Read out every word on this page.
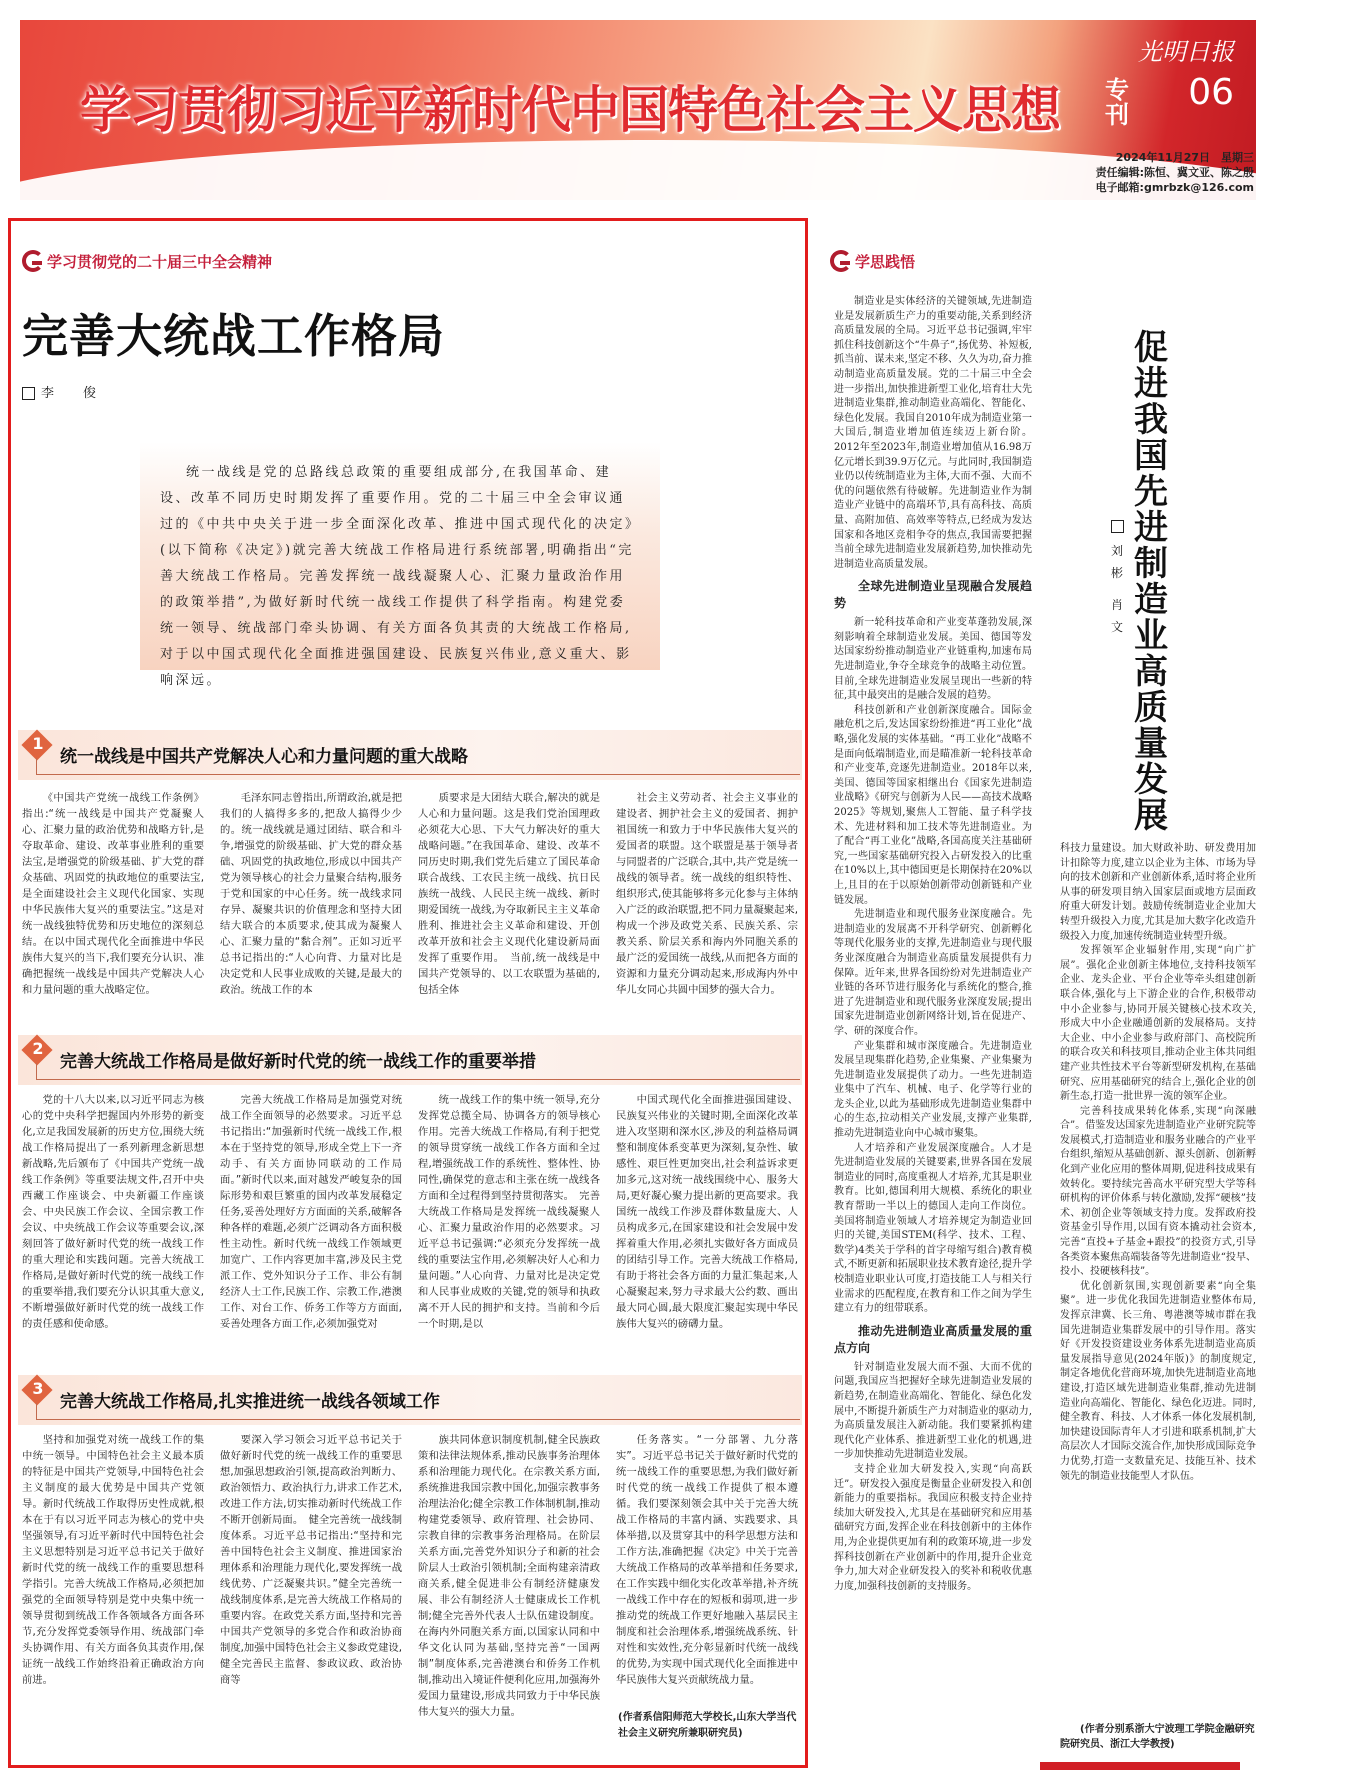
学习贯彻习近平新时代中国特色社会主义思想 专刊
光明日报
06
2024年11月27日　星期三
责任编辑:陈恒、冀文亚、陈之殷
电子邮箱:gmrbzk@126.com
学习贯彻党的二十届三中全会精神
完善大统战工作格局
李　俊
统一战线是党的总路线总政策的重要组成部分,在我国革命、建设、改革不同历史时期发挥了重要作用。党的二十届三中全会审议通过的《中共中央关于进一步全面深化改革、推进中国式现代化的决定》(以下简称《决定》)就完善大统战工作格局进行系统部署,明确指出“完善大统战工作格局。完善发挥统一战线凝聚人心、汇聚力量政治作用的政策举措”,为做好新时代统一战线工作提供了科学指南。构建党委统一领导、统战部门牵头协调、有关方面各负其责的大统战工作格局,对于以中国式现代化全面推进强国建设、民族复兴伟业,意义重大、影响深远。
1
统一战线是中国共产党解决人心和力量问题的重大战略

《中国共产党统一战线工作条例》指出:“统一战线是中国共产党凝聚人心、汇聚力量的政治优势和战略方针,是夺取革命、建设、改革事业胜利的重要法宝,是增强党的阶级基础、扩大党的群众基础、巩固党的执政地位的重要法宝,是全面建设社会主义现代化国家、实现中华民族伟大复兴的重要法宝。”这是对统一战线独特优势和历史地位的深刻总结。在以中国式现代化全面推进中华民族伟大复兴的当下,我们要充分认识、准确把握统一战线是中国共产党解决人心和力量问题的重大战略定位。

毛泽东同志曾指出,所谓政治,就是把我们的人搞得多多的,把敌人搞得少少的。统一战线就是通过团结、联合和斗争,增强党的阶级基础、扩大党的群众基础、巩固党的执政地位,形成以中国共产党为领导核心的社会力量聚合结构,服务于党和国家的中心任务。统一战线求同存异、凝聚共识的价值理念和坚持大团结大联合的本质要求,使其成为凝聚人心、汇聚力量的“黏合剂”。正如习近平总书记指出的:“人心向背、力量对比是决定党和人民事业成败的关键,是最大的政治。统战工作的本

质要求是大团结大联合,解决的就是人心和力量问题。这是我们党治国理政必须花大心思、下大气力解决好的重大战略问题。”在我国革命、建设、改革不同历史时期,我们党先后建立了国民革命联合战线、工农民主统一战线、抗日民族统一战线、人民民主统一战线、新时期爱国统一战线,为夺取新民主主义革命胜利、推进社会主义革命和建设、开创改革开放和社会主义现代化建设新局面发挥了重要作用。　当前,统一战线是中国共产党领导的、以工农联盟为基础的,包括全体

社会主义劳动者、社会主义事业的建设者、拥护社会主义的爱国者、拥护祖国统一和致力于中华民族伟大复兴的爱国者的联盟。这个联盟是基于领导者与同盟者的广泛联合,其中,共产党是统一战线的领导者。统一战线的组织特性、组织形式,使其能够将多元化参与主体纳入广泛的政治联盟,把不同力量凝聚起来,构成一个涉及政党关系、民族关系、宗教关系、阶层关系和海内外同胞关系的最广泛的爱国统一战线,从而把各方面的资源和力量充分调动起来,形成海内外中华儿女同心共圆中国梦的强大合力。

2
完善大统战工作格局是做好新时代党的统一战线工作的重要举措

党的十八大以来,以习近平同志为核心的党中央科学把握国内外形势的新变化,立足我国发展新的历史方位,围绕大统战工作格局提出了一系列新理念新思想新战略,先后颁布了《中国共产党统一战线工作条例》等重要法规文件,召开中央西藏工作座谈会、中央新疆工作座谈会、中央民族工作会议、全国宗教工作会议、中央统战工作会议等重要会议,深刻回答了做好新时代党的统一战线工作的重大理论和实践问题。完善大统战工作格局,是做好新时代党的统一战线工作的重要举措,我们要充分认识其重大意义,不断增强做好新时代党的统一战线工作的责任感和使命感。

完善大统战工作格局是加强党对统战工作全面领导的必然要求。习近平总书记指出:“加强新时代统一战线工作,根本在于坚持党的领导,形成全党上下一齐动手、有关方面协同联动的工作局面。”新时代以来,面对越发严峻复杂的国际形势和艰巨繁重的国内改革发展稳定任务,妥善处理好方方面面的关系,破解各种各样的难题,必须广泛调动各方面积极性主动性。新时代统一战线工作领域更加宽广、工作内容更加丰富,涉及民主党派工作、党外知识分子工作、非公有制经济人士工作,民族工作、宗教工作,港澳工作、对台工作、侨务工作等方方面面,妥善处理各方面工作,必须加强党对

统一战线工作的集中统一领导,充分发挥党总揽全局、协调各方的领导核心作用。完善大统战工作格局,有利于把党的领导贯穿统一战线工作各方面和全过程,增强统战工作的系统性、整体性、协同性,确保党的意志和主张在统一战线各方面和全过程得到坚持贯彻落实。　完善大统战工作格局是发挥统一战线凝聚人心、汇聚力量政治作用的必然要求。习近平总书记强调:“必须充分发挥统一战线的重要法宝作用,必须解决好人心和力量问题。”人心向背、力量对比是决定党和人民事业成败的关键,党的领导和执政离不开人民的拥护和支持。当前和今后一个时期,是以

中国式现代化全面推进强国建设、民族复兴伟业的关键时期,全面深化改革进入攻坚期和深水区,涉及的利益格局调整和制度体系变革更为深刻,复杂性、敏感性、艰巨性更加突出,社会利益诉求更加多元,这对统一战线围绕中心、服务大局,更好凝心聚力提出新的更高要求。我国统一战线工作涉及群体数量庞大、人员构成多元,在国家建设和社会发展中发挥着重大作用,必须扎实做好各方面成员的团结引导工作。完善大统战工作格局,有助于将社会各方面的力量汇集起来,人心凝聚起来,努力寻求最大公约数、画出最大同心圆,最大限度汇聚起实现中华民族伟大复兴的磅礴力量。

3
完善大统战工作格局,扎实推进统一战线各领域工作

坚持和加强党对统一战线工作的集中统一领导。中国特色社会主义最本质的特征是中国共产党领导,中国特色社会主义制度的最大优势是中国共产党领导。新时代统战工作取得历史性成就,根本在于有以习近平同志为核心的党中央坚强领导,有习近平新时代中国特色社会主义思想特别是习近平总书记关于做好新时代党的统一战线工作的重要思想科学指引。完善大统战工作格局,必须把加强党的全面领导特别是党中央集中统一领导贯彻到统战工作各领域各方面各环节,充分发挥党委领导作用、统战部门牵头协调作用、有关方面各负其责作用,保证统一战线工作始终沿着正确政治方向前进。

要深入学习领会习近平总书记关于做好新时代党的统一战线工作的重要思想,加强思想政治引领,提高政治判断力、政治领悟力、政治执行力,讲求工作艺术,改进工作方法,切实推动新时代统战工作不断开创新局面。　健全完善统一战线制度体系。习近平总书记指出:“坚持和完善中国特色社会主义制度、推进国家治理体系和治理能力现代化,要发挥统一战线优势、广泛凝聚共识。”健全完善统一战线制度体系,是完善大统战工作格局的重要内容。在政党关系方面,坚持和完善中国共产党领导的多党合作和政治协商制度,加强中国特色社会主义参政党建设,健全完善民主监督、参政议政、政治协商等

族共同体意识制度机制,健全民族政策和法律法规体系,推动民族事务治理体系和治理能力现代化。在宗教关系方面,系统推进我国宗教中国化,加强宗教事务治理法治化;健全宗教工作体制机制,推动构建党委领导、政府管理、社会协同、宗教自律的宗教事务治理格局。在阶层关系方面,完善党外知识分子和新的社会阶层人士政治引领机制;全面构建亲清政商关系,健全促进非公有制经济健康发展、非公有制经济人士健康成长工作机制;健全完善外代表人士队伍建设制度。在海内外同胞关系方面,以国家认同和中华文化认同为基础,坚持完善“一国两制”制度体系,完善港澳台和侨务工作机制,推动出入境证件便利化应用,加强海外爱国力量建设,形成共同致力于中华民族伟大复兴的强大力量。

任务落实。“一分部署、九分落实”。习近平总书记关于做好新时代党的统一战线工作的重要思想,为我们做好新时代党的统一战线工作提供了根本遵循。我们要深刻领会其中关于完善大统战工作格局的丰富内涵、实践要求、具体举措,以及贯穿其中的科学思想方法和工作方法,准确把握《决定》中关于完善大统战工作格局的改革举措和任务要求,在工作实践中细化实化改革举措,补齐统一战线工作中存在的短板和弱项,进一步推动党的统战工作更好地融入基层民主制度和社会治理体系,增强统战系统、针对性和实效性,充分彰显新时代统一战线的优势,为实现中国式现代化全面推进中华民族伟大复兴贡献统战力量。

(作者系信阳师范大学校长,山东大学当代社会主义研究所兼职研究员)
学思践悟
促进我国先进制造业高质量发展
刘　彬
肖　文

制造业是实体经济的关键领域,先进制造业是发展新质生产力的重要动能,关系到经济高质量发展的全局。习近平总书记强调,牢牢抓住科技创新这个“牛鼻子”,扬优势、补短板,抓当前、谋未来,坚定不移、久久为功,奋力推动制造业高质量发展。党的二十届三中全会进一步指出,加快推进新型工业化,培育壮大先进制造业集群,推动制造业高端化、智能化、绿色化发展。我国自2010年成为制造业第一大国后,制造业增加值连续迈上新台阶。2012年至2023年,制造业增加值从16.98万亿元增长到39.9万亿元。与此同时,我国制造业仍以传统制造业为主体,大而不强、大而不优的问题依然有待破解。先进制造业作为制造业产业链中的高端环节,具有高科技、高质量、高附加值、高效率等特点,已经成为发达国家和各地区竞相争夺的焦点,我国需要把握当前全球先进制造业发展新趋势,加快推动先进制造业高质量发展。

全球先进制造业呈现融合发展趋势

新一轮科技革命和产业变革蓬勃发展,深刻影响着全球制造业发展。美国、德国等发达国家纷纷推动制造业产业链重构,加速布局先进制造业,争夺全球竞争的战略主动位置。目前,全球先进制造业发展呈现出一些新的特征,其中最突出的是融合发展的趋势。

科技创新和产业创新深度融合。国际金融危机之后,发达国家纷纷推进“再工业化”战略,强化发展的实体基础。“再工业化”战略不是面向低端制造业,而是瞄准新一轮科技革命和产业变革,竞逐先进制造业。2018年以来,美国、德国等国家相继出台《国家先进制造业战略》《研究与创新为人民——高技术战略2025》等规划,聚焦人工智能、量子科学技术、先进材料和加工技术等先进制造业。为了配合“再工业化”战略,各国高度关注基础研究,一些国家基础研究投入占研发投入的比重在10%以上,其中德国更是长期保持在20%以上,且目的在于以原始创新带动创新链和产业链发展。

先进制造业和现代服务业深度融合。先进制造业的发展离不开科学研究、创新孵化等现代化服务业的支撑,先进制造业与现代服务业深度融合为制造业高质量发展提供有力保障。近年来,世界各国纷纷对先进制造业产业链的各环节进行服务化与系统化的整合,推进了先进制造业和现代服务业深度发展;提出国家先进制造业创新网络计划,旨在促进产、学、研的深度合作。

产业集群和城市深度融合。先进制造业发展呈现集群化趋势,企业集聚、产业集聚为先进制造业发展提供了动力。一些先进制造业集中了汽车、机械、电子、化学等行业的龙头企业,以此为基础形成先进制造业集群中心的生态,拉动相关产业发展,支撑产业集群,推动先进制造业向中心城市聚集。

人才培养和产业发展深度融合。人才是先进制造业发展的关键要素,世界各国在发展制造业的同时,高度重视人才培养,尤其是职业教育。比如,德国利用大规模、系统化的职业教育帮助一半以上的德国人走向工作岗位。美国将制造业领域人才培养规定为制造业回归的关键,美国STEM(科学、技术、工程、数学)4类关于学科的首字母缩写组合)教育模式,不断更新和拓展职业技术教育途径,提升学校制造业职业认可度,打造技能工人与相关行业需求的匹配程度,在教育和工作之间为学生建立有力的纽带联系。

推动先进制造业高质量发展的重点方向

针对制造业发展大而不强、大而不优的问题,我国应当把握好全球先进制造业发展的新趋势,在制造业高端化、智能化、绿色化发展中,不断提升新质生产力对制造业的驱动力,为高质量发展注入新动能。我们要紧抓构建现代化产业体系、推进新型工业化的机遇,进一步加快推动先进制造业发展。

支持企业加大研发投入,实现“向高跃迁”。研发投入强度是衡量企业研发投入和创新能力的重要指标。我国应积极支持企业持续加大研发投入,尤其是在基础研究和应用基础研究方面,发挥企业在科技创新中的主体作用,为企业提供更加有利的政策环境,进一步发挥科技创新在产业创新中的作用,提升企业竞争力,加大对企业研发投入的奖补和税收优惠力度,加强科技创新的支持服务。

科技力量建设。加大财政补助、研发费用加计扣除等力度,建立以企业为主体、市场为导向的技术创新和产业创新体系,适时将企业所从事的研发项目纳入国家层面或地方层面政府重大研发计划。鼓励传统制造业企业加大转型升级投入力度,尤其是加大数字化改造升级投入力度,加速传统制造业转型升级。

发挥领军企业辐射作用,实现“向广扩展”。强化企业创新主体地位,支持科技领军企业、龙头企业、平台企业等牵头组建创新联合体,强化与上下游企业的合作,积极带动中小企业参与,协同开展关键核心技术攻关,形成大中小企业融通创新的发展格局。支持大企业、中小企业参与政府部门、高校院所的联合攻关和科技项目,推动企业主体共同组建产业共性技术平台等新型研发机构,在基础研究、应用基础研究的结合上,强化企业的创新生态,打造一批世界一流的领军企业。

完善科技成果转化体系,实现“向深融合”。借鉴发达国家先进制造业产业研究院等发展模式,打造制造业和服务业融合的产业平台组织,缩短从基础创新、源头创新、创新孵化到产业化应用的整体周期,促进科技成果有效转化。要持续完善高水平研究型大学等科研机构的评价体系与转化激励,发挥“硬核”技术、初创企业等领域支持力度。发挥政府投资基金引导作用,以国有资本撬动社会资本,完善“直投+子基金+跟投”的投资方式,引导各类资本聚焦高端装备等先进制造业“投早、投小、投硬核科技”。

优化创新氛围,实现创新要素“向全集聚”。进一步优化我国先进制造业整体布局,发挥京津冀、长三角、粤港澳等城市群在我国先进制造业集群发展中的引导作用。落实好《开发投资建设业务体系先进制造业高质量发展指导意见(2024年版)》的制度规定,制定各地优化营商环境,加快先进制造业高地建设,打造区域先进制造业集群,推动先进制造业向高端化、智能化、绿色化迈进。同时,健全教育、科技、人才体系一体化发展机制,加快建设国际青年人才引进和联系机制,扩大高层次人才国际交流合作,加快形成国际竞争力优势,打造一支数量充足、技能互补、技术领先的制造业技能型人才队伍。

(作者分别系浙大宁波理工学院金融研究院研究员、浙江大学教授)
